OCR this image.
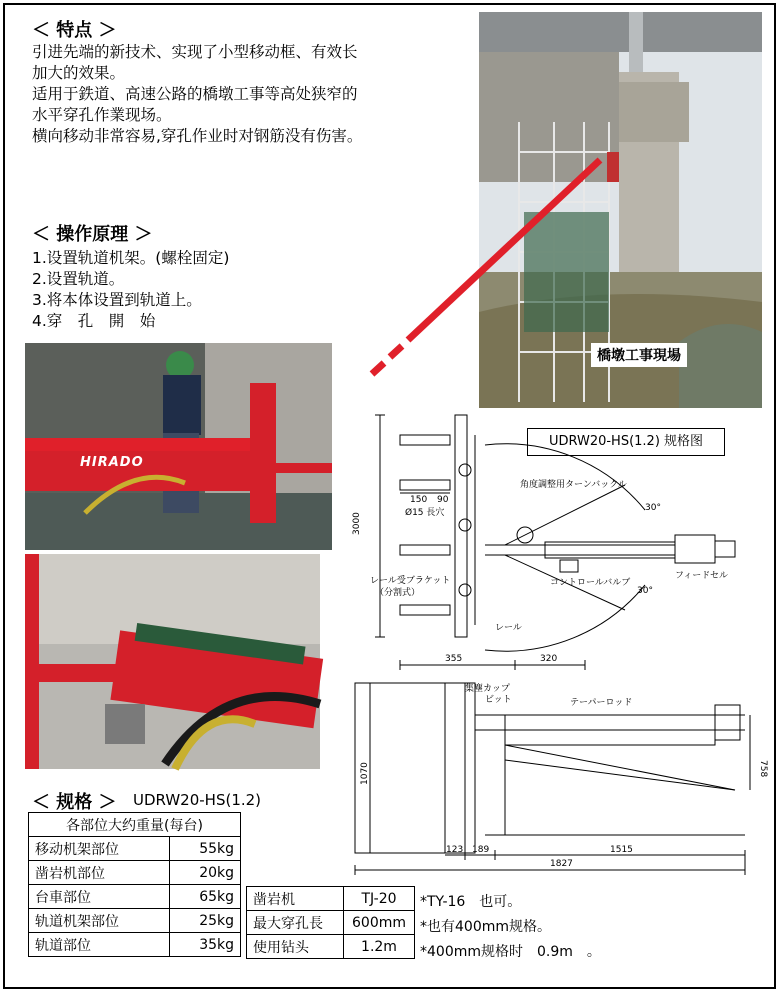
＜ 特点 ＞
引进先端的新技术、实现了小型移动框、有效长
加大的效果。
适用于鉄道、高速公路的橋墩工事等高处狭窄的
水平穿孔作業现场。
横向移动非常容易,穿孔作业时对钢筋没有伤害。
＜ 操作原理 ＞
1.设置轨道机架。(螺栓固定)
2.设置轨道。
3.将本体设置到轨道上。
4.穿　孔　開　始
橋墩工事現場
HIRADO
UDRW20-HS(1.2) 规格图
3000
150 90
Ø15 長穴	30°
30°
角度調整用ターンバックル
フィードセル
コントロールバルブ
レール受ブラケット
（分割式）
レール
355	320
1070	758
123 189	1515
1827
集塵カップ
ビット	テーパーロッド
＜ 规格 ＞ UDRW20-HS(1.2)
各部位大约重量(每台)	
移动机架部位	55kg
凿岩机部位	20kg
台車部位	65kg
轨道机架部位	25kg
轨道部位	35kg
凿岩机	TJ-20
最大穿孔長	600mm
使用钻头	1.2m
*TY-16　也可。
*也有400mm规格。
*400mm规格时　0.9m　。
